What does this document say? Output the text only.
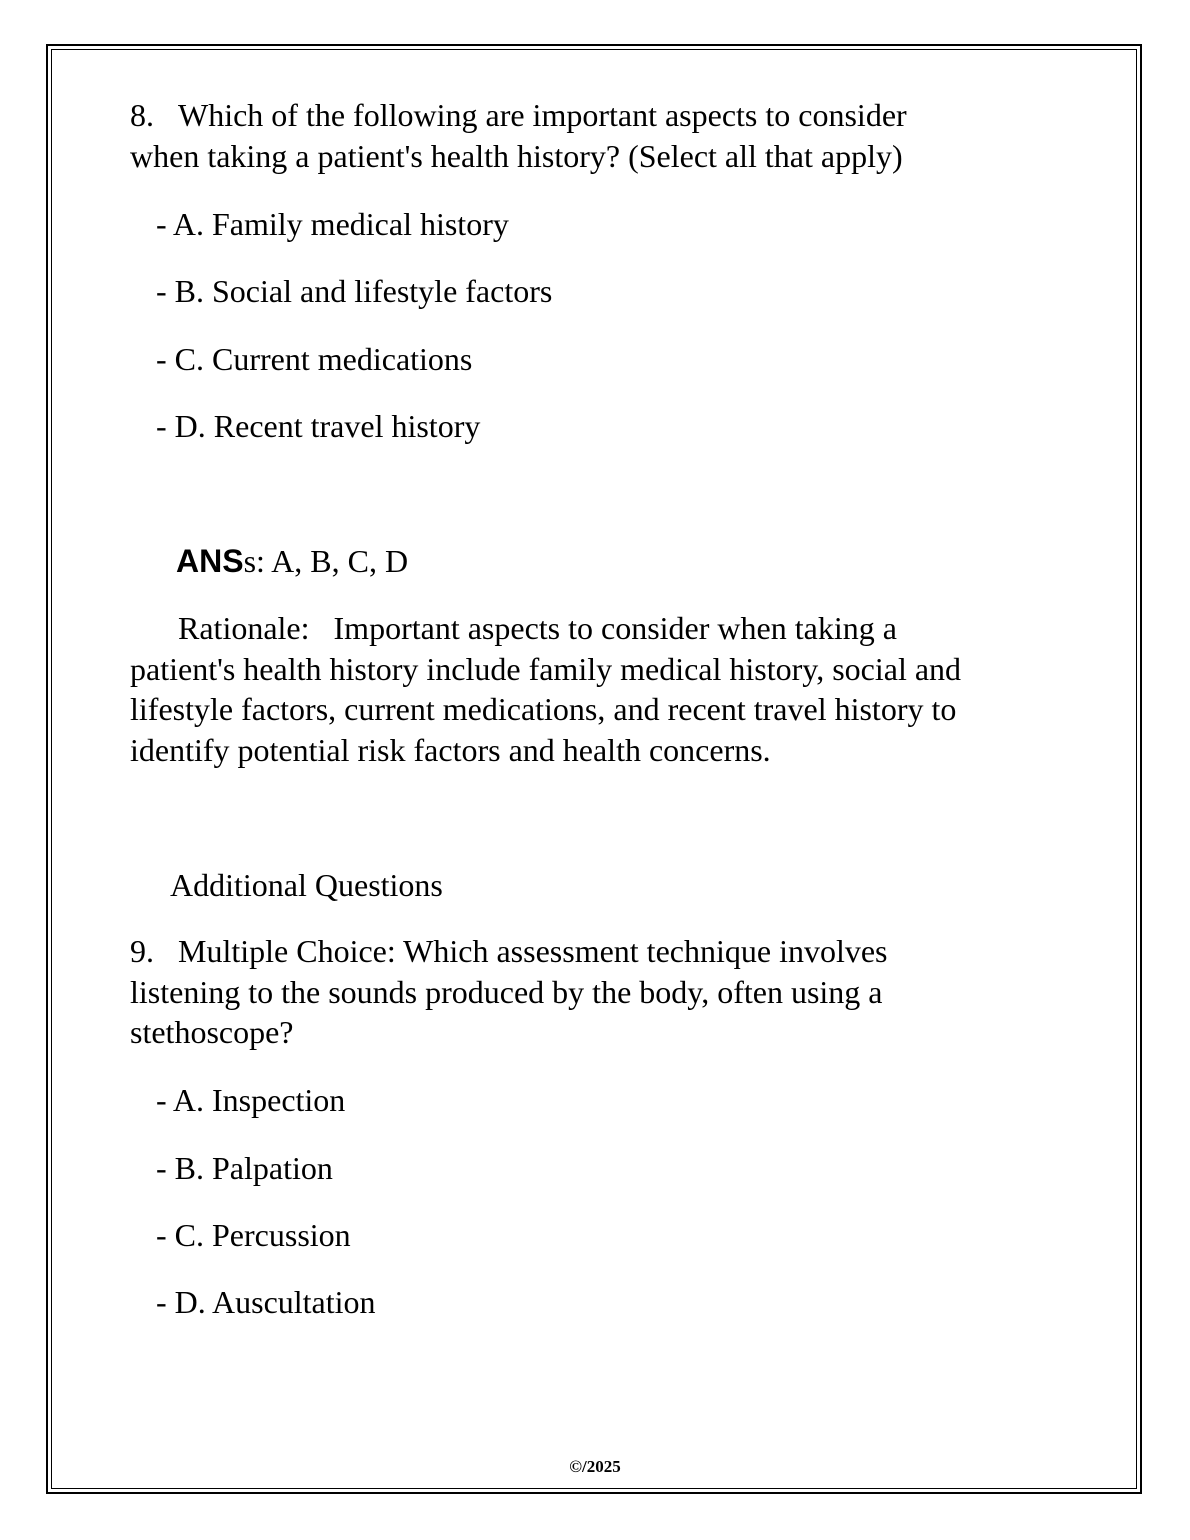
8. Which of the following are important aspects to consider
when taking a patient's health history? (Select all that apply)
- A. Family medical history
- B. Social and lifestyle factors
- C. Current medications
- D. Recent travel history
ANSs: A, B, C, D
Rationale: Important aspects to consider when taking a
patient's health history include family medical history, social and
lifestyle factors, current medications, and recent travel history to
identify potential risk factors and health concerns.
Additional Questions
9. Multiple Choice: Which assessment technique involves
listening to the sounds produced by the body, often using a
stethoscope?
- A. Inspection
- B. Palpation
- C. Percussion
- D. Auscultation
©/2025
